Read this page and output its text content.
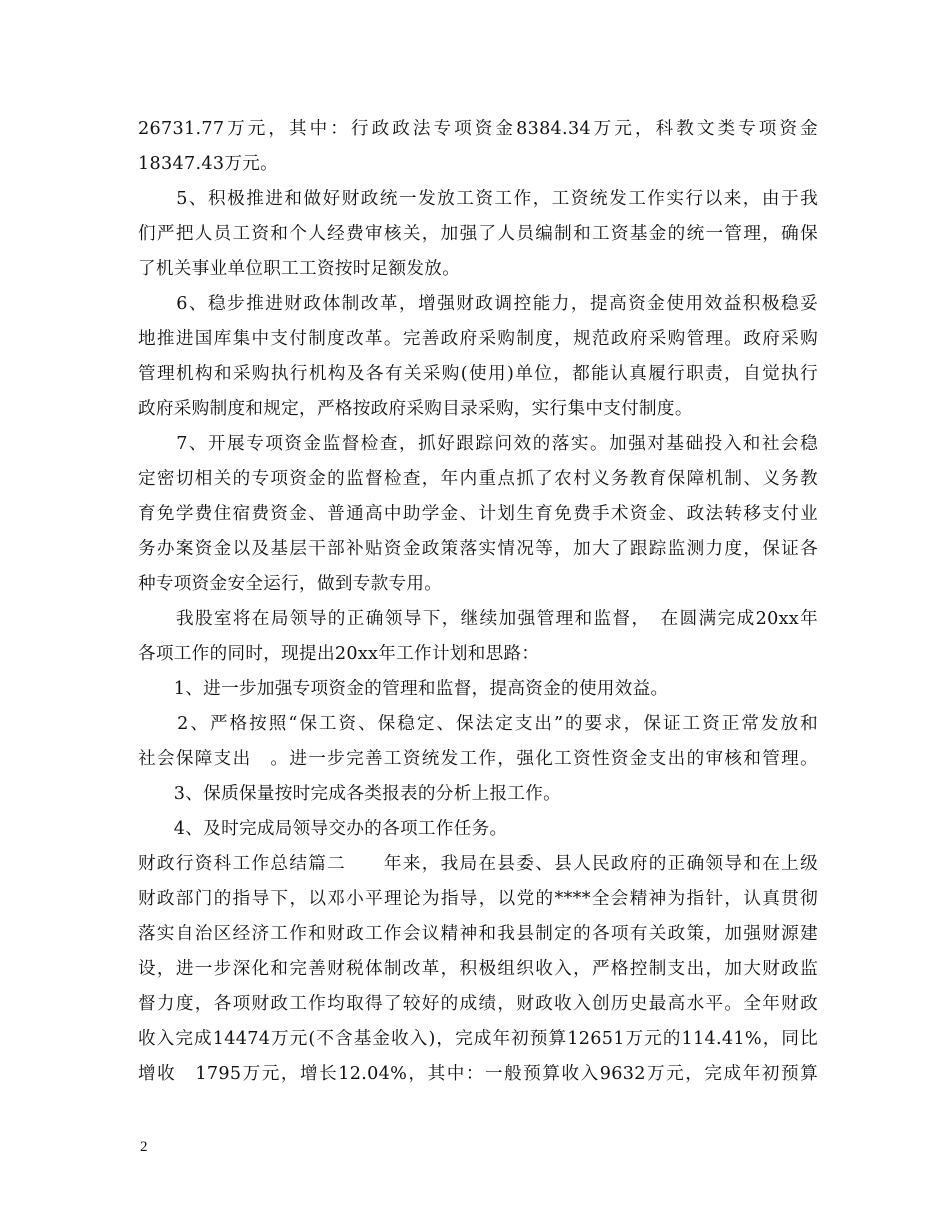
26731.77万元，其中：行政政法专项资金8384.34万元，科教文类专项资金
18347.43万元。
　　5、积极推进和做好财政统一发放工资工作，工资统发工作实行以来，由于我
们严把人员工资和个人经费审核关，加强了人员编制和工资基金的统一管理，确保
了机关事业单位职工工资按时足额发放。
　　6、稳步推进财政体制改革，增强财政调控能力，提高资金使用效益积极稳妥
地推进国库集中支付制度改革。完善政府采购制度，规范政府采购管理。政府采购
管理机构和采购执行机构及各有关采购(使用)单位，都能认真履行职责，自觉执行
政府采购制度和规定，严格按政府采购目录采购，实行集中支付制度。
　　7、开展专项资金监督检查，抓好跟踪问效的落实。加强对基础投入和社会稳
定密切相关的专项资金的监督检查，年内重点抓了农村义务教育保障机制、义务教
育免学费住宿费资金、普通高中助学金、计划生育免费手术资金、政法转移支付业
务办案资金以及基层干部补贴资金政策落实情况等，加大了跟踪监测力度，保证各
种专项资金安全运行，做到专款专用。
　　我股室将在局领导的正确领导下，继续加强管理和监督，　在圆满完成20xx年
各项工作的同时，现提出20xx年工作计划和思路：
　　1、进一步加强专项资金的管理和监督，提高资金的使用效益。
　　2、严格按照“保工资、保稳定、保法定支出”的要求，保证工资正常发放和
社会保障支出　。进一步完善工资统发工作，强化工资性资金支出的审核和管理。
　　3、保质保量按时完成各类报表的分析上报工作。
　　4、及时完成局领导交办的各项工作任务。
财政行资科工作总结篇二　　年来，我局在县委、县人民政府的正确领导和在上级
财政部门的指导下，以邓小平理论为指导，以党的****全会精神为指针，认真贯彻
落实自治区经济工作和财政工作会议精神和我县制定的各项有关政策，加强财源建
设，进一步深化和完善财税体制改革，积极组织收入，严格控制支出，加大财政监
督力度，各项财政工作均取得了较好的成绩，财政收入创历史最高水平。全年财政
收入完成14474万元(不含基金收入)，完成年初预算12651万元的114.41%，同比
增收　1795万元，增长12.04%，其中：一般预算收入9632万元，完成年初预算
2
